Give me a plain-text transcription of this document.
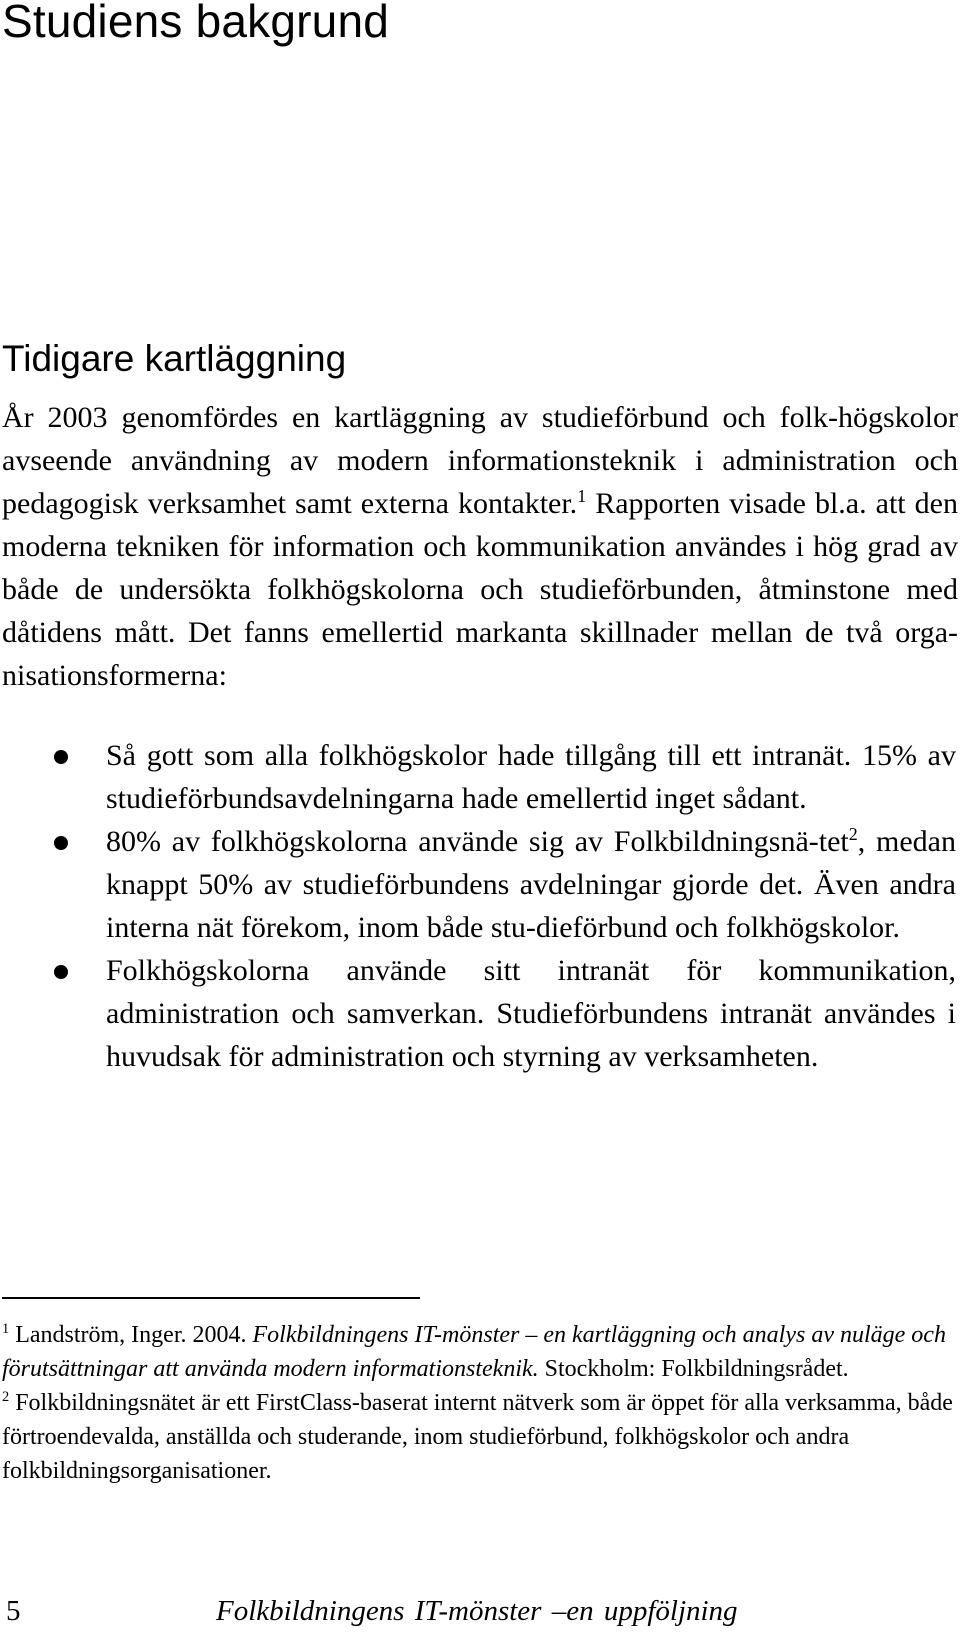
Studiens bakgrund
Tidigare kartläggning

År 2003 genomfördes en kartläggning av studieförbund och folk-högskolor avseende användning av modern informationsteknik i administration och pedagogisk verksamhet samt externa kontakter.$^1$ Rapporten visade bl.a. att den moderna tekniken för information och kommunikation användes i hög grad av både de undersökta folkhögskolorna och studieförbunden, åtminstone med dåtidens mått. Det fanns emellertid markanta skillnader mellan de två orga-nisationsformerna:

Så gott som alla folkhögskolor hade tillgång till ett intranät. 15% av studieförbundsavdelningarna hade emellertid inget sådant.
80% av folkhögskolorna använde sig av Folkbildningsnä-tet$^2$, medan knappt 50% av studieförbundens avdelningar gjorde det. Även andra interna nät förekom, inom både stu-dieförbund och folkhögskolor.
Folkhögskolorna använde sitt intranät för kommunikation, administration och samverkan. Studieförbundens intranät användes i huvudsak för administration och styrning av verksamheten.

$^1$ Landström, Inger. 2004. Folkbildningens IT-mönster – en kartläggning och analys av nuläge och förutsättningar att använda modern informationsteknik. Stockholm: Folkbildningsrådet.

$^2$ Folkbildningsnätet är ett FirstClass-baserat internt nätverk som är öppet för alla verksamma, både förtroendevalda, anställda och studerande, inom studieförbund, folkhögskolor och andra folkbildningsorganisationer.

5	Folkbildningens IT-mönster –en uppföljning
